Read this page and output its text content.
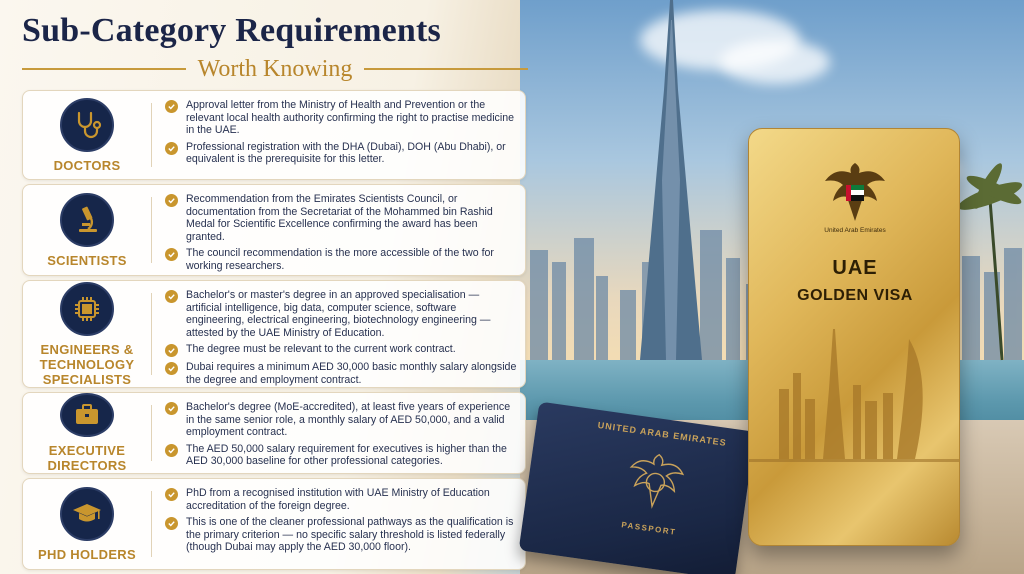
Sub-Category Requirements
Worth Knowing
DOCTORS
Approval letter from the Ministry of Health and Prevention or the relevant local health authority confirming the right to practise medicine in the UAE.
Professional registration with the DHA (Dubai), DOH (Abu Dhabi), or equivalent is the prerequisite for this letter.
SCIENTISTS
Recommendation from the Emirates Scientists Council, or documentation from the Secretariat of the Mohammed bin Rashid Medal for Scientific Excellence confirming the award has been granted.
The council recommendation is the more accessible of the two for working researchers.
ENGINEERS &
TECHNOLOGY
SPECIALISTS
Bachelor's or master's degree in an approved specialisation — artificial intelligence, big data, computer science, software engineering, electrical engineering, biotechnology engineering — attested by the UAE Ministry of Education.
The degree must be relevant to the current work contract.
Dubai requires a minimum AED 30,000 basic monthly salary alongside the degree and employment contract.
EXECUTIVE
DIRECTORS
Bachelor's degree (MoE-accredited), at least five years of experience in the same senior role, a monthly salary of AED 50,000, and a valid employment contract.
The AED 50,000 salary requirement for executives is higher than the AED 30,000 baseline for other professional categories.
PHD HOLDERS
PhD from a recognised institution with UAE Ministry of Education accreditation of the foreign degree.
This is one of the cleaner professional pathways as the qualification is the primary criterion — no specific salary threshold is listed federally (though Dubai may apply the AED 30,000 floor).
UNITED ARAB EMIRATES
PASSPORT
United Arab Emirates
UAE
GOLDEN VISA
